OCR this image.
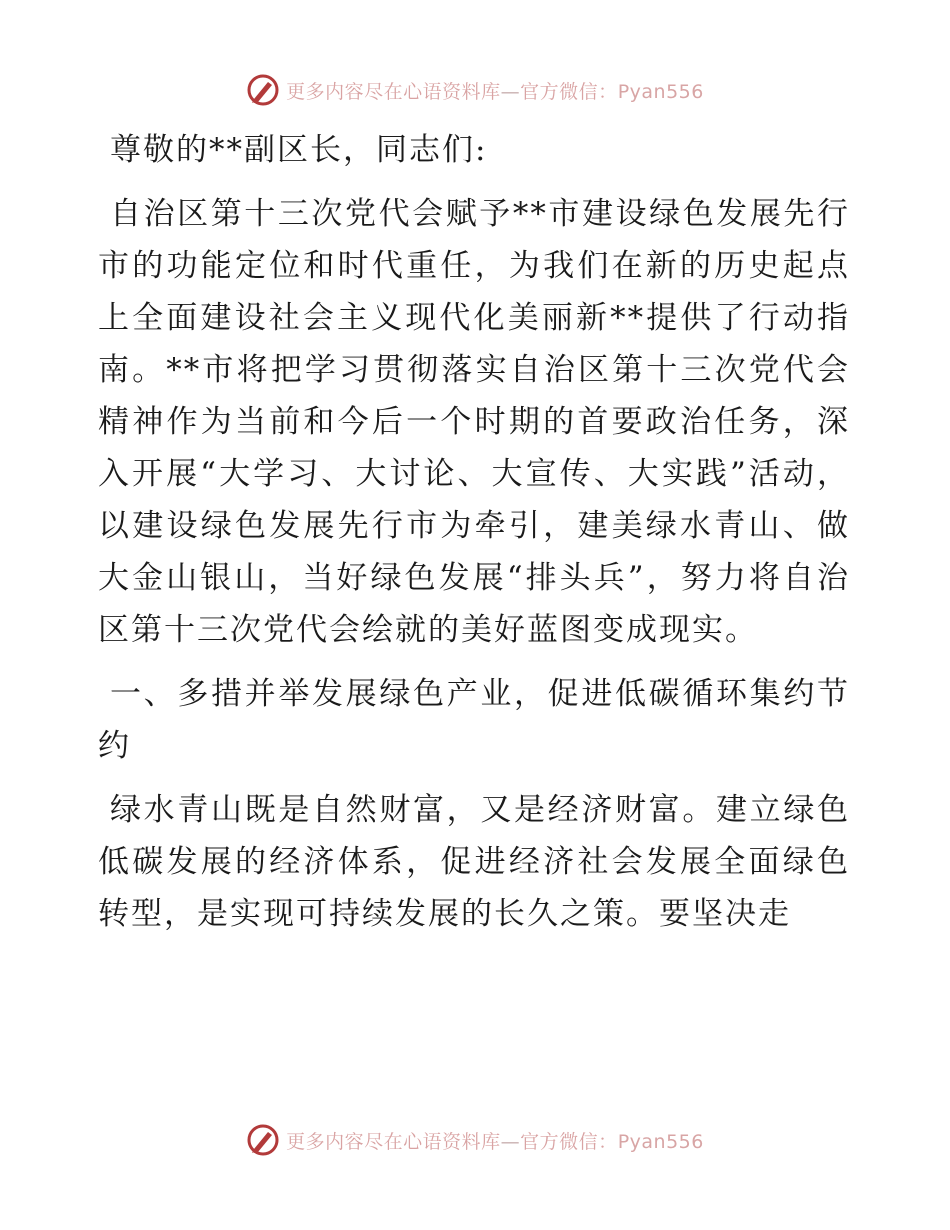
更多内容尽在心语资料库—官方微信：Pyan556

尊敬的**副区长，同志们:

自治区第十三次党代会赋予**市建设绿色发展先行市的功能定位和时代重任，为我们在新的历史起点上全面建设社会主义现代化美丽新**提供了行动指南。**市将把学习贯彻落实自治区第十三次党代会精神作为当前和今后一个时期的首要政治任务，深入开展“大学习、大讨论、大宣传、大实践”活动，以建设绿色发展先行市为牵引，建美绿水青山、做大金山银山，当好绿色发展“排头兵”，努力将自治区第十三次党代会绘就的美好蓝图变成现实。

一、多措并举发展绿色产业，促进低碳循环集约节约

绿水青山既是自然财富，又是经济财富。建立绿色低碳发展的经济体系，促进经济社会发展全面绿色转型，是实现可持续发展的长久之策。要坚决走

更多内容尽在心语资料库—官方微信：Pyan556
